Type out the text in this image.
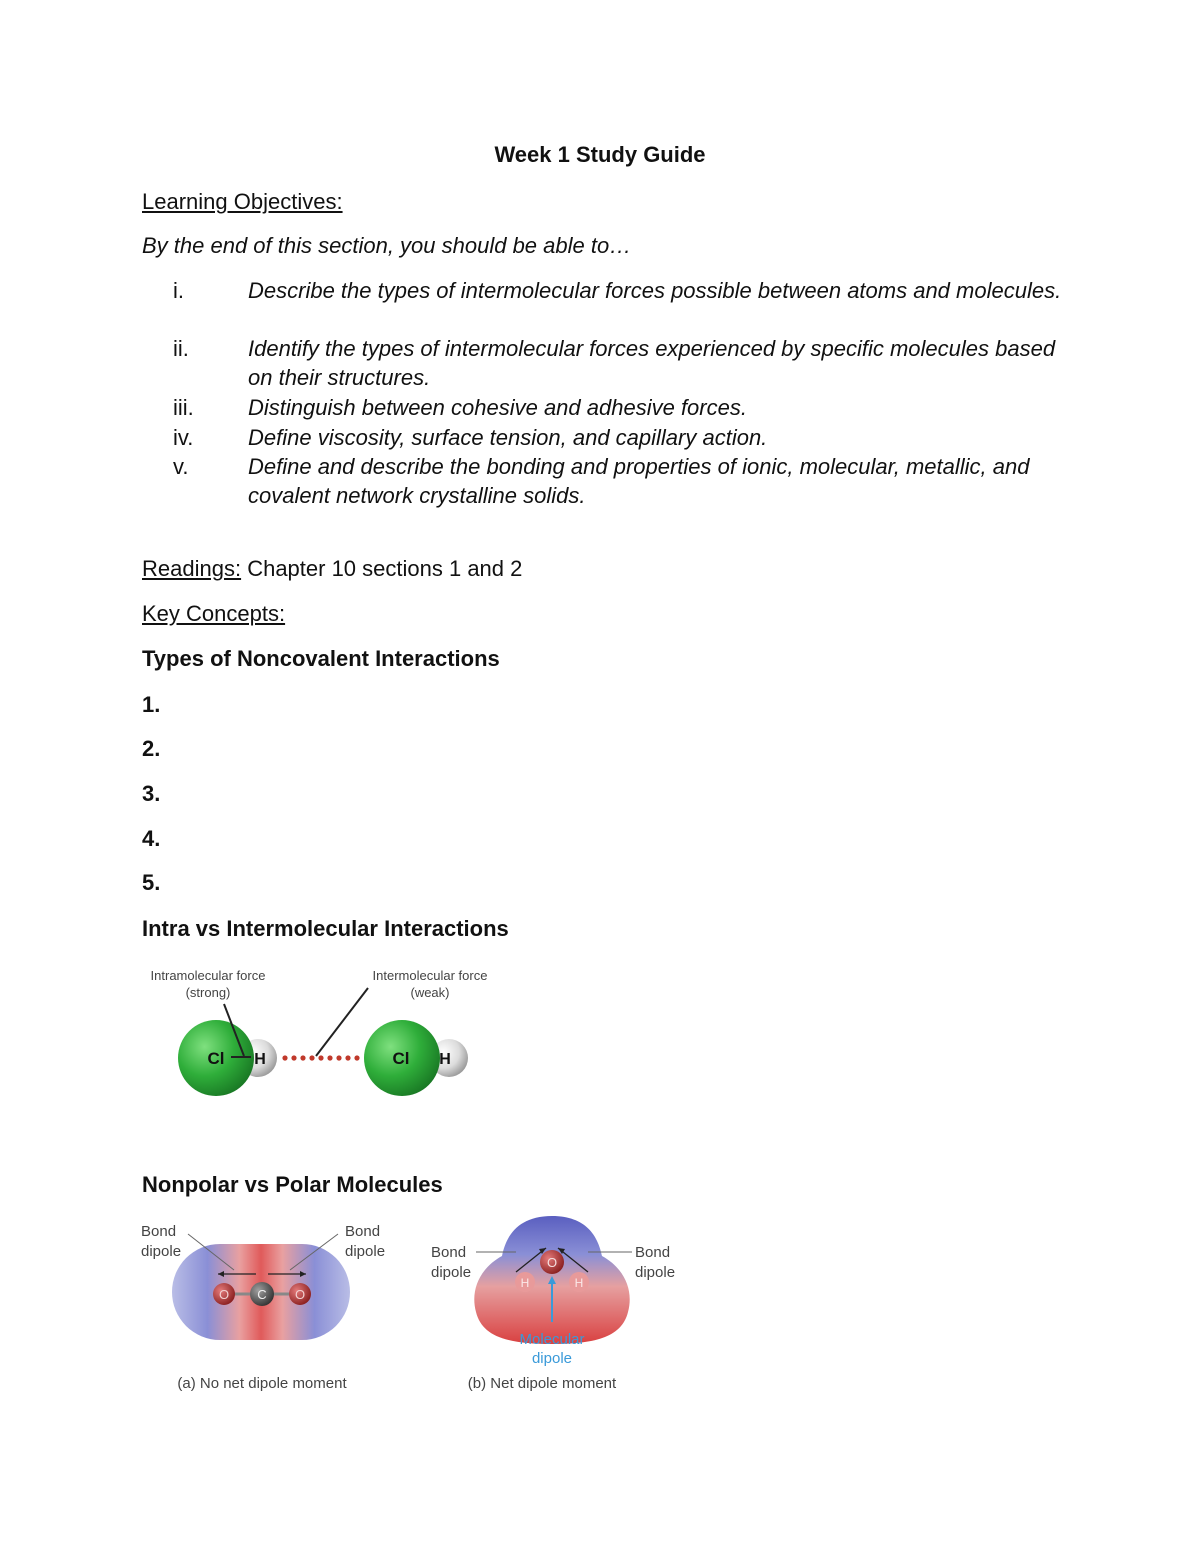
Week 1 Study Guide
Learning Objectives:
By the end of this section, you should be able to…
i.	Describe the types of intermolecular forces possible between atoms and molecules.
ii.	Identify the types of intermolecular forces experienced by specific molecules based on their structures.
iii. Distinguish between cohesive and adhesive forces.
iv. Define viscosity, surface tension, and capillary action.
v.	Define and describe the bonding and properties of ionic, molecular, metallic, and covalent network crystalline solids.
Readings: Chapter 10 sections 1 and 2
Key Concepts:
Types of Noncovalent Interactions
1.
2.
3.
4.
5.
Intra vs Intermolecular Interactions
Intramolecular force
(strong)
Intermolecular force
(weak)
Cl H	Cl H
Nonpolar vs Polar Molecules
O C O
Bond
dipole
Bond
dipole
(a) No net dipole moment
O
H	H
Bond
dipole
Bond
dipole
Molecular
dipole
(b) Net dipole moment
